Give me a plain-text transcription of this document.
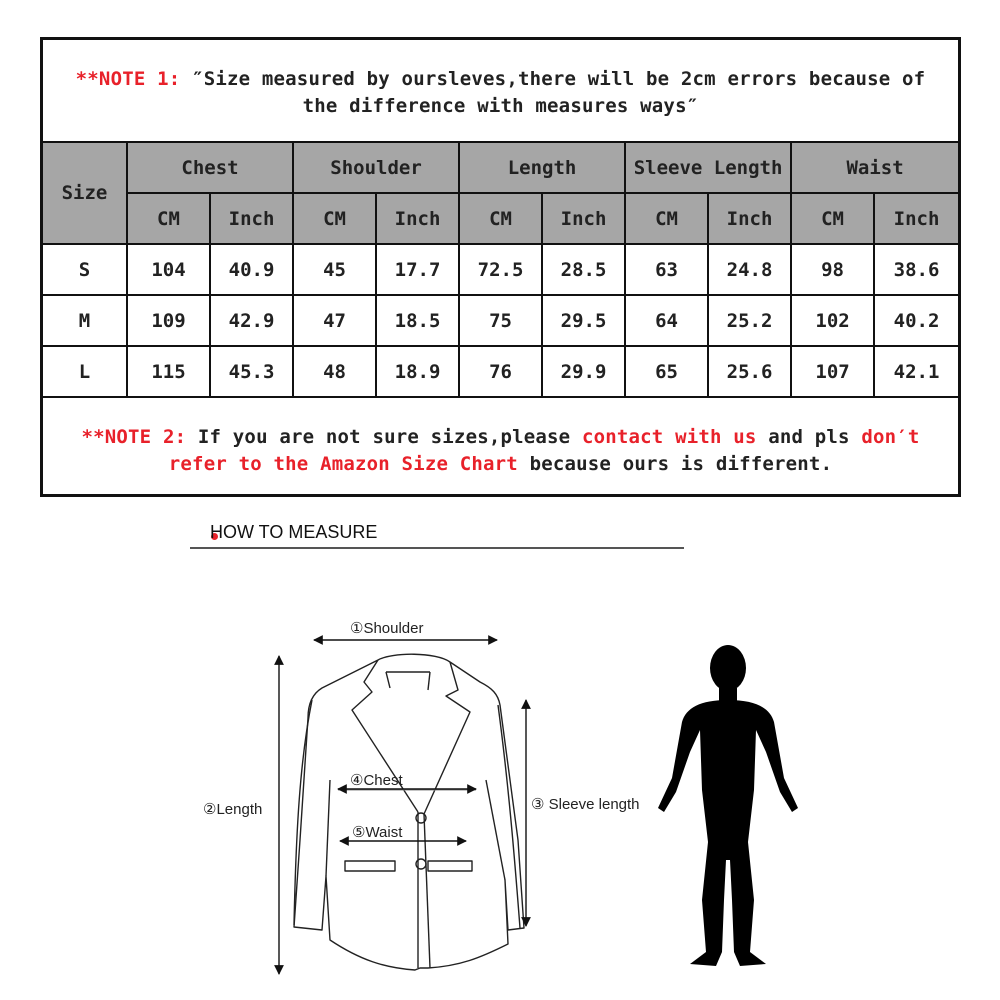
**NOTE 1: ″Size measured by oursleves,there will be 2cm errors because of
the difference with measures ways″
Size	Chest		Shoulder		Length		Sleeve Length		Waist	
	CM	Inch	CM	Inch	CM	Inch	CM	Inch	CM	Inch
S	104	40.9	45	17.7	72.5	28.5	63	24.8	98	38.6
M	109	42.9	47	18.5	75	29.5	64	25.2	102	40.2
L	115	45.3	48	18.9	76	29.9	65	25.6	107	42.1
**NOTE 2: If you are not sure sizes,please contact with us and pls don′t
refer to the Amazon Size Chart because ours is different.
HOW TO MEASURE
①Shoulder
②Length	③ Sleeve length
④Chest
⑤Waist
